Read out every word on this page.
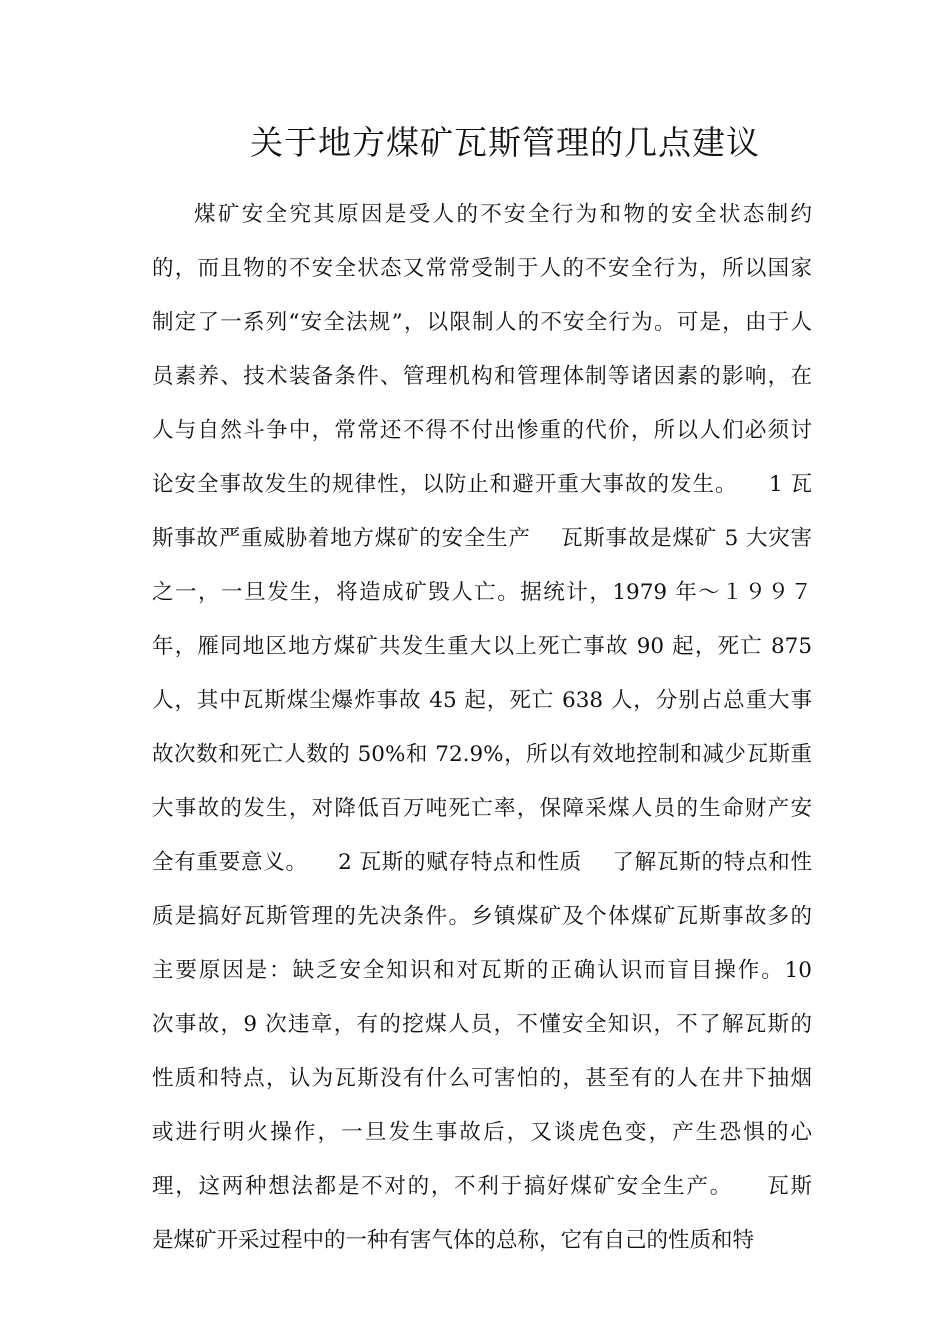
关于地方煤矿瓦斯管理的几点建议
煤矿安全究其原因是受人的不安全行为和物的安全状态制约
的，而且物的不安全状态又常常受制于人的不安全行为，所以国家
制定了一系列“安全法规”，以限制人的不安全行为。可是，由于人
员素养、技术装备条件、管理机构和管理体制等诸因素的影响，在
人与自然斗争中，常常还不得不付出惨重的代价，所以人们必须讨
论安全事故发生的规律性，以防止和避开重大事故的发生。    1 瓦
斯事故严重威胁着地方煤矿的安全生产    瓦斯事故是煤矿 5 大灾害
之一，一旦发生，将造成矿毁人亡。据统计，1979 年～１９９７
年，雁同地区地方煤矿共发生重大以上死亡事故 90 起，死亡 875
人，其中瓦斯煤尘爆炸事故 45 起，死亡 638 人，分别占总重大事
故次数和死亡人数的 50%和 72.9%，所以有效地控制和减少瓦斯重
大事故的发生，对降低百万吨死亡率，保障采煤人员的生命财产安
全有重要意义。    2 瓦斯的赋存特点和性质    了解瓦斯的特点和性
质是搞好瓦斯管理的先决条件。乡镇煤矿及个体煤矿瓦斯事故多的
主要原因是：缺乏安全知识和对瓦斯的正确认识而盲目操作。10
次事故，9 次违章，有的挖煤人员，不懂安全知识，不了解瓦斯的
性质和特点，认为瓦斯没有什么可害怕的，甚至有的人在井下抽烟
或进行明火操作，一旦发生事故后，又谈虎色变，产生恐惧的心
理，这两种想法都是不对的，不利于搞好煤矿安全生产。    瓦斯
是煤矿开采过程中的一种有害气体的总称，它有自己的性质和特
